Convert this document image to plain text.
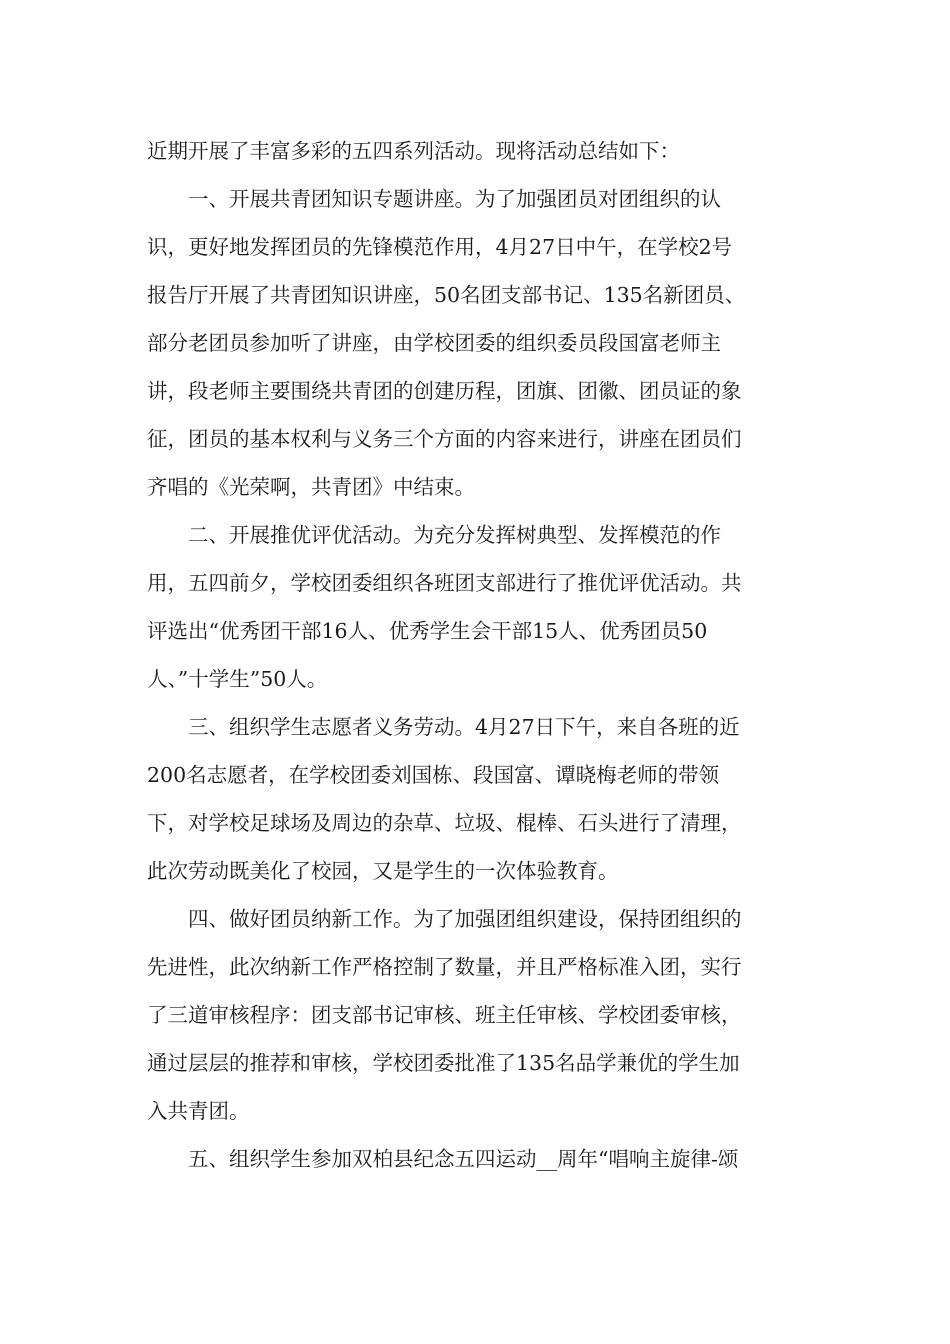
近期开展了丰富多彩的五四系列活动。现将活动总结如下：
一、开展共青团知识专题讲座。为了加强团员对团组织的认
识，更好地发挥团员的先锋模范作用，4月27日中午，在学校2号
报告厅开展了共青团知识讲座，50名团支部书记、135名新团员、
部分老团员参加听了讲座，由学校团委的组织委员段国富老师主
讲，段老师主要围绕共青团的创建历程，团旗、团徽、团员证的象
征，团员的基本权利与义务三个方面的内容来进行，讲座在团员们
齐唱的《光荣啊，共青团》中结束。
二、开展推优评优活动。为充分发挥树典型、发挥模范的作
用，五四前夕，学校团委组织各班团支部进行了推优评优活动。共
评选出“优秀团干部16人、优秀学生会干部15人、优秀团员50
人、”十学生”50人。
三、组织学生志愿者义务劳动。4月27日下午，来自各班的近
200名志愿者，在学校团委刘国栋、段国富、谭晓梅老师的带领
下，对学校足球场及周边的杂草、垃圾、棍棒、石头进行了清理，
此次劳动既美化了校园，又是学生的一次体验教育。
四、做好团员纳新工作。为了加强团组织建设，保持团组织的
先进性，此次纳新工作严格控制了数量，并且严格标准入团，实行
了三道审核程序：团支部书记审核、班主任审核、学校团委审核，
通过层层的推荐和审核，学校团委批准了135名品学兼优的学生加
入共青团。
五、组织学生参加双柏县纪念五四运动__周年“唱响主旋律-颂
